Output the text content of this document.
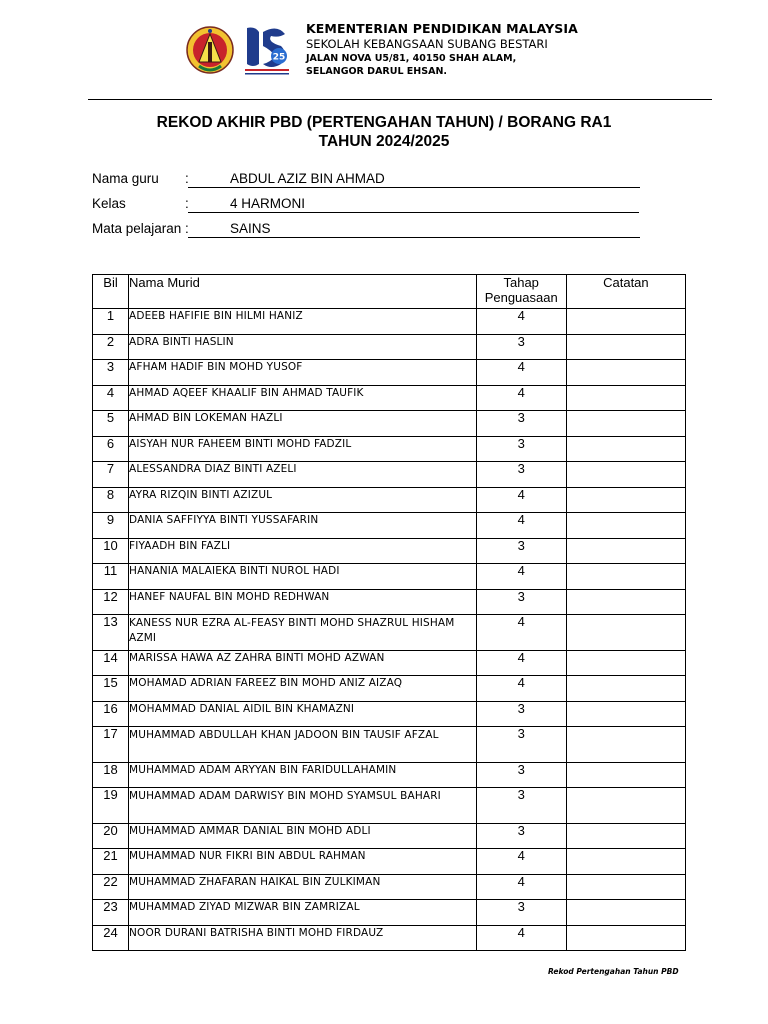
25
KEMENTERIAN PENDIDIKAN MALAYSIA
SEKOLAH KEBANGSAAN SUBANG BESTARI
JALAN NOVA U5/81, 40150 SHAH ALAM,
SELANGOR DARUL EHSAN.
REKOD AKHIR PBD (PERTENGAHAN TAHUN) / BORANG RA1
TAHUN 2024/2025
Nama guru :	ABDUL AZIZ BIN AHMAD
Kelas	:	4 HARMONI
Mata pelajaran :	SAINS
Bil	Nama Murid	Tahap Penguasaan	Catatan
1	ADEEB HAFIFIE BIN HILMI HANIZ	4	
2	ADRA BINTI HASLIN	3	
3	AFHAM HADIF BIN MOHD YUSOF	4	
4	AHMAD AQEEF KHAALIF BIN AHMAD TAUFIK	4	
5	AHMAD BIN LOKEMAN HAZLI	3	
6	AISYAH NUR FAHEEM BINTI MOHD FADZIL	3	
7	ALESSANDRA DIAZ BINTI AZELI	3	
8	AYRA RIZQIN BINTI AZIZUL	4	
9	DANIA SAFFIYYA BINTI YUSSAFARIN	4	
10	FIYAADH BIN FAZLI	3	
11	HANANIA MALAIEKA BINTI NUROL HADI	4	
12	HANEF NAUFAL BIN MOHD REDHWAN	3	
13	KANESS NUR EZRA AL-FEASY BINTI MOHD SHAZRUL HISHAM AZMI	4	
14	MARISSA HAWA AZ ZAHRA BINTI MOHD AZWAN	4	
15	MOHAMAD ADRIAN FAREEZ BIN MOHD ANIZ AIZAQ	4	
16	MOHAMMAD DANIAL AIDIL BIN KHAMAZNI	3	
17	MUHAMMAD ABDULLAH KHAN JADOON BIN TAUSIF AFZAL	3	
18	MUHAMMAD ADAM ARYYAN BIN FARIDULLAHAMIN	3	
19	MUHAMMAD ADAM DARWISY BIN MOHD SYAMSUL BAHARI	3	
20	MUHAMMAD AMMAR DANIAL BIN MOHD ADLI	3	
21	MUHAMMAD NUR FIKRI BIN ABDUL RAHMAN	4	
22	MUHAMMAD ZHAFARAN HAIKAL BIN ZULKIMAN	4	
23	MUHAMMAD ZIYAD MIZWAR BIN ZAMRIZAL	3	
24	NOOR DURANI BATRISHA BINTI MOHD FIRDAUZ	4	
Rekod Pertengahan Tahun PBD
